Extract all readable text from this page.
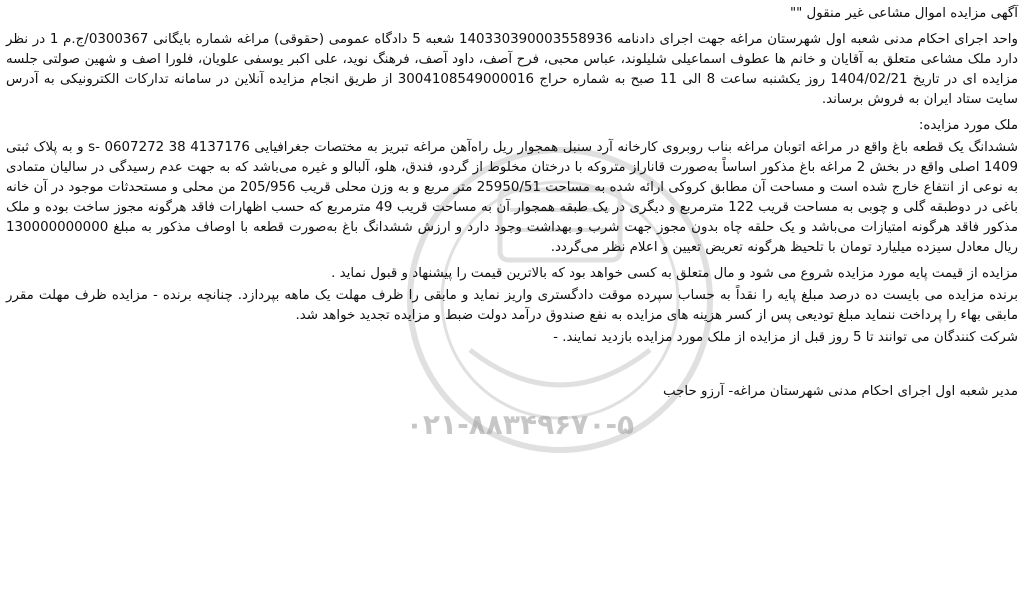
۰۲۱-۸۸۳۴۹۶۷۰-۵

آگهی مزایده اموال مشاعی غیر منقول ""

واحد اجرای احکام مدنی شعبه اول شهرستان مراغه جهت اجرای دادنامه 140330390003558936 شعبه 5 دادگاه عمومی (حقوقی) مراغه شماره بایگانی 0300367/ج.م 1 در نظر دارد ملک مشاعی متعلق به آقایان و خانم ها عطوف اسماعیلی شلیلوند، عباس محبی، فرح آصف، داود آصف، فرهنگ نوید، علی اکبر یوسفی علویان، فلورا اصف و شهین صولتی جلسه مزایده ای در تاریخ 1404/02/21 روز یکشنبه ساعت 8 الی 11 صبح به شماره حراج 3004108549000016 از طریق انجام مزایده آنلاین در سامانه تدارکات الکترونیکی به آدرس سایت ستاد ایران به فروش برساند.

ملک مورد مزایده:

ششدانگ یک قطعه باغ واقع در مراغه اتوبان مراغه بناب روبروی کارخانه آرد سنبل همجوار ریل راه‌آهن مراغه تبریز به مختصات جغرافیایی 4137176 s- 0607272 38 و به پلاک ثبتی 1409 اصلی واقع در بخش 2 مراغه باغ مذکور اساساً به‌صورت قاناراز متروکه با درختان مخلوط از گردو، فندق، هلو، آلبالو و غیره می‌باشد که به جهت عدم رسیدگی در سالیان متمادی به نوعی از انتفاع خارج شده است و مساحت آن مطابق کروکی ارائه شده به مساحت 25950/51 متر مربع و به وزن محلی قریب 205/956 من محلی و مستحدثات موجود در آن خانه باغی در دوطبقه گلی و چوبی به مساحت قریب 122 مترمربع و دیگری در یک طبقه همجوار آن به مساحت قریب 49 مترمربع که حسب اظهارات فاقد هرگونه مجوز ساخت بوده و ملک مذکور فاقد هرگونه امتیازات می‌باشد و یک حلقه چاه بدون مجوز جهت شرب و بهداشت وجود دارد و ارزش ششدانگ باغ به‌صورت قطعه با اوصاف مذکور به مبلغ 130000000000 ریال معادل سیزده میلیارد تومان با تلحیظ هرگونه تعریض تعیین و اعلام نظر می‌گردد.

مزایده از قیمت پایه مورد مزایده شروع می شود و مال متعلق به کسی خواهد بود که بالاترین قیمت را پیشنهاد و قبول نماید .

برنده مزایده می بایست ده درصد مبلغ پایه را نقداً به حساب سپرده موقت دادگستری واریز نماید و مابقی را ظرف مهلت یک ماهه بپردازد. چنانچه برنده - مزایده ظرف مهلت مقرر مابقی بهاء را پرداخت ننماید مبلغ تودیعی پس از کسر هزینه های مزایده به نفع صندوق درآمد دولت ضبط و مزایده تجدید خواهد شد.

شرکت کنندگان می توانند تا 5 روز قبل از مزایده از ملک مورد مزایده بازدید نمایند. -

مدیر شعبه اول اجرای احکام مدنی شهرستان مراغه- آرزو حاجب
